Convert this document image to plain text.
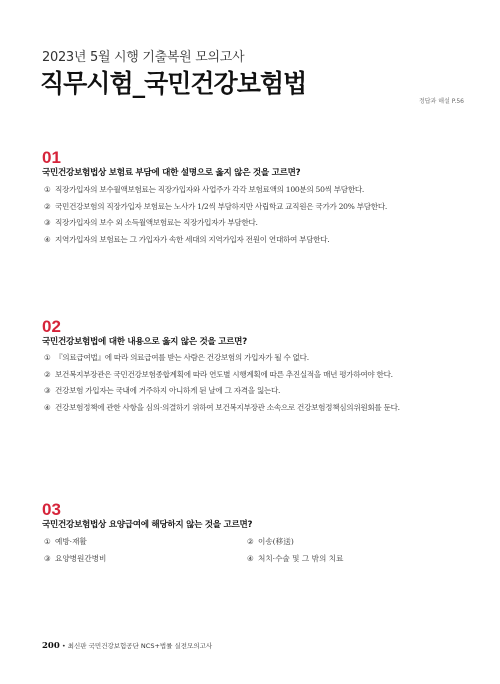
2023년 5월 시행 기출복원 모의고사
직무시험_국민건강보험법
정답과 해설 P.56
01
국민건강보험법상 보험료 부담에 대한 설명으로 옳지 않은 것을 고르면?
① 직장가입자의 보수월액보험료는 직장가입자와 사업주가 각각 보험료액의 100분의 50씩 부담한다.
② 국민건강보험의 직장가입자 보험료는 노사가 1/2씩 부담하지만 사립학교 교직원은 국가가 20% 부담한다.
③ 직장가입자의 보수 외 소득월액보험료는 직장가입자가 부담한다.
④ 지역가입자의 보험료는 그 가입자가 속한 세대의 지역가입자 전원이 연대하여 부담한다.
02
국민건강보험법에 대한 내용으로 옳지 않은 것을 고르면?
① 『의료급여법』에 따라 의료급여를 받는 사람은 건강보험의 가입자가 될 수 없다.
② 보건복지부장관은 국민건강보험종합계획에 따라 연도별 시행계획에 따른 추진실적을 매년 평가하여야 한다.
③ 건강보험 가입자는 국내에 거주하지 아니하게 된 날에 그 자격을 잃는다.
④ 건강보험정책에 관한 사항을 심의·의결하기 위하여 보건복지부장관 소속으로 건강보험정책심의위원회를 둔다.
03
국민건강보험법상 요양급여에 해당하지 않는 것을 고르면?
① 예방·재활	② 이송(移送)
③ 요양병원간병비	④ 처치·수술 및 그 밖의 치료
200 • 최신판 국민건강보험공단 NCS+법률 실전모의고사
